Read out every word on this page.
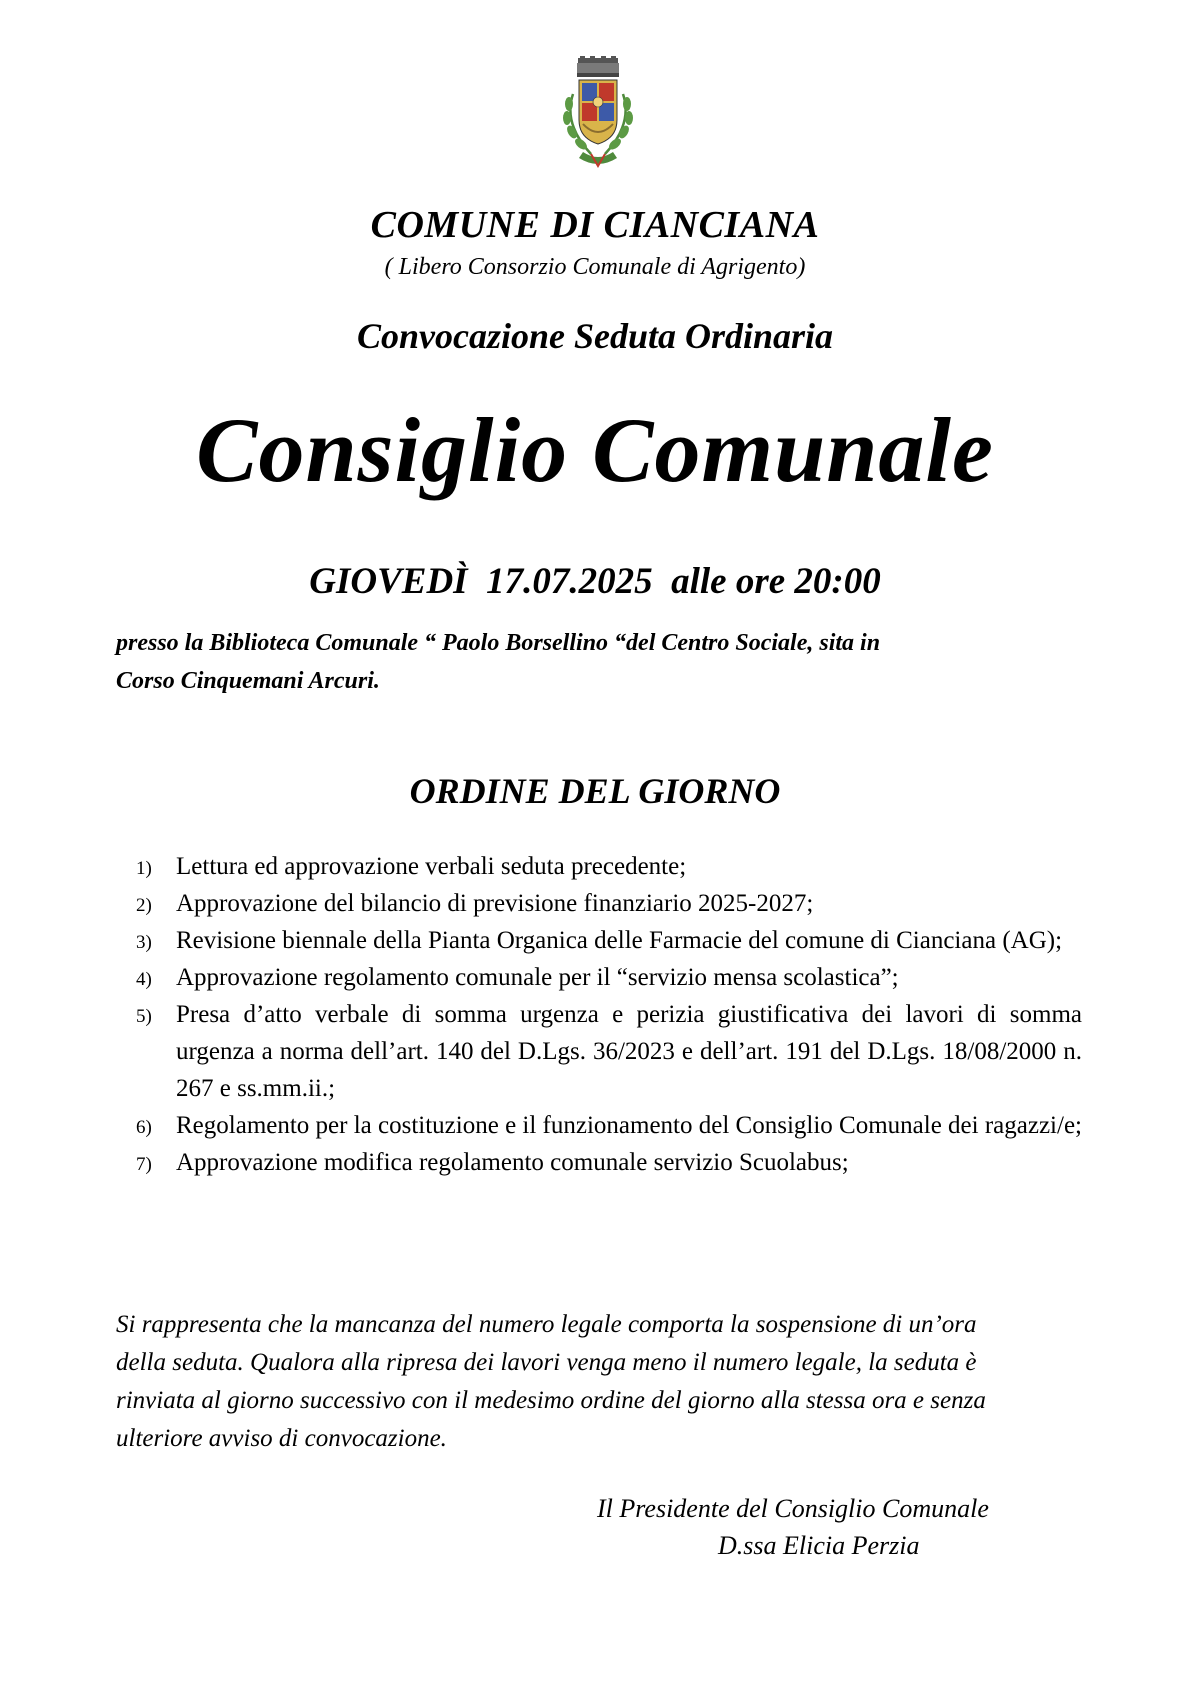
COMUNE DI CIANCIANA
( Libero Consorzio Comunale di Agrigento)
Convocazione Seduta Ordinaria
Consiglio Comunale
GIOVEDÌ  17.07.2025  alle ore 20:00
presso la Biblioteca Comunale “ Paolo Borsellino “del Centro Sociale, sita in
Corso Cinquemani Arcuri.
ORDINE DEL GIORNO
1) Lettura ed approvazione verbali seduta precedente;
2) Approvazione del bilancio di previsione finanziario 2025-2027;
3) Revisione biennale della Pianta Organica delle Farmacie del comune di Cianciana (AG);
4) Approvazione regolamento comunale per il “servizio mensa scolastica”;
5) Presa d’atto verbale di somma urgenza e perizia giustificativa dei lavori di somma urgenza a norma dell’art. 140 del D.Lgs. 36/2023 e dell’art. 191 del D.Lgs. 18/08/2000 n. 267 e ss.mm.ii.;
6) Regolamento per la costituzione e il funzionamento del Consiglio Comunale dei ragazzi/e;
7) Approvazione modifica regolamento comunale servizio Scuolabus;
Si rappresenta che la mancanza del numero legale comporta la sospensione di un’ora
della seduta. Qualora alla ripresa dei lavori venga meno il numero legale, la seduta è
rinviata al giorno successivo con il medesimo ordine del giorno alla stessa ora e senza
ulteriore avviso di convocazione.
Il Presidente del Consiglio Comunale
D.ssa Elicia Perzia
